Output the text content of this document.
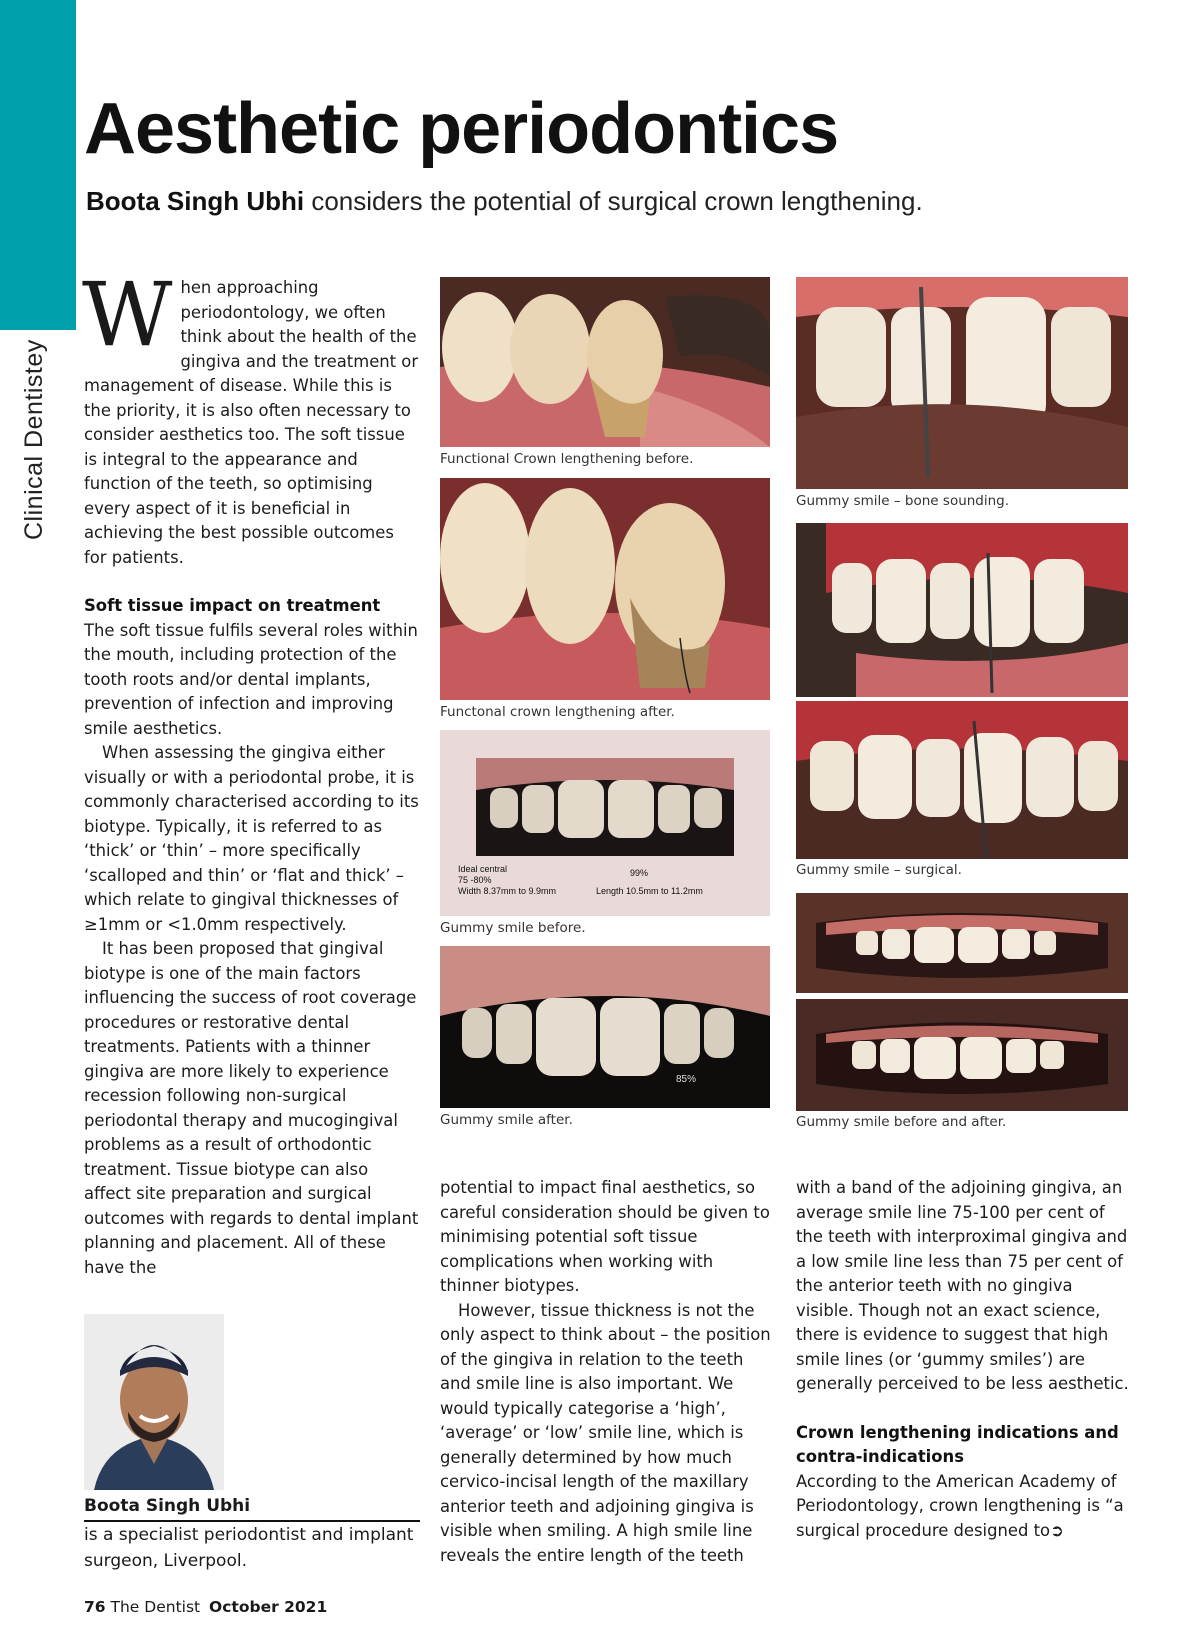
Clinical Dentistey
Aesthetic periodontics
Boota Singh Ubhi considers the potential of surgical crown lengthening.

When approaching periodontology, we often think about the health of the gingiva and the treatment or management of disease. While this is the priority, it is also often necessary to consider aesthetics too. The soft tissue is integral to the appearance and function of the teeth, so optimising every aspect of it is beneficial in achieving the best possible outcomes for patients.

Soft tissue impact on treatment

The soft tissue fulfils several roles within the mouth, including protection of the tooth roots and/or dental implants, prevention of infection and improving smile aesthetics.

When assessing the gingiva either visually or with a periodontal probe, it is commonly characterised according to its biotype. Typically, it is referred to as ‘thick’ or ‘thin’ – more specifically ‘scalloped and thin’ or ‘flat and thick’ – which relate to gingival thicknesses of ≥1mm or <1.0mm respectively.

It has been proposed that gingival biotype is one of the main factors influencing the success of root coverage procedures or restorative dental treatments. Patients with a thinner gingiva are more likely to experience recession following non-surgical periodontal therapy and mucogingival problems as a result of orthodontic treatment. Tissue biotype can also affect site preparation and surgical outcomes with regards to dental implant planning and placement. All of these have the

potential to impact final aesthetics, so careful consideration should be given to minimising potential soft tissue complications when working with thinner biotypes.

However, tissue thickness is not the only aspect to think about – the position of the gingiva in relation to the teeth and smile line is also important. We would typically categorise a ‘high’, ‘average’ or ‘low’ smile line, which is generally determined by how much cervico-incisal length of the maxillary anterior teeth and adjoining gingiva is visible when smiling. A high smile line reveals the entire length of the teeth

with a band of the adjoining gingiva, an average smile line 75-100 per cent of the teeth with interproximal gingiva and a low smile line less than 75 per cent of the anterior teeth with no gingiva visible. Though not an exact science, there is evidence to suggest that high smile lines (or ‘gummy smiles’) are generally perceived to be less aesthetic.

Crown lengthening indications and contra-indications

According to the American Academy of Periodontology, crown lengthening is “a surgical procedure designed to➲

Functional Crown lengthening before.
Functonal crown lengthening after.
Ideal central
75 -80%
Width 8.37mm to 9.9mm
99%
Length 10.5mm to 11.2mm
Gummy smile before.
85%
Gummy smile after.
Gummy smile – bone sounding.
Gummy smile – surgical.
Gummy smile before and after.
Boota Singh Ubhi
is a specialist periodontist and implant surgeon, Liverpool.
76 The Dentist October 2021
